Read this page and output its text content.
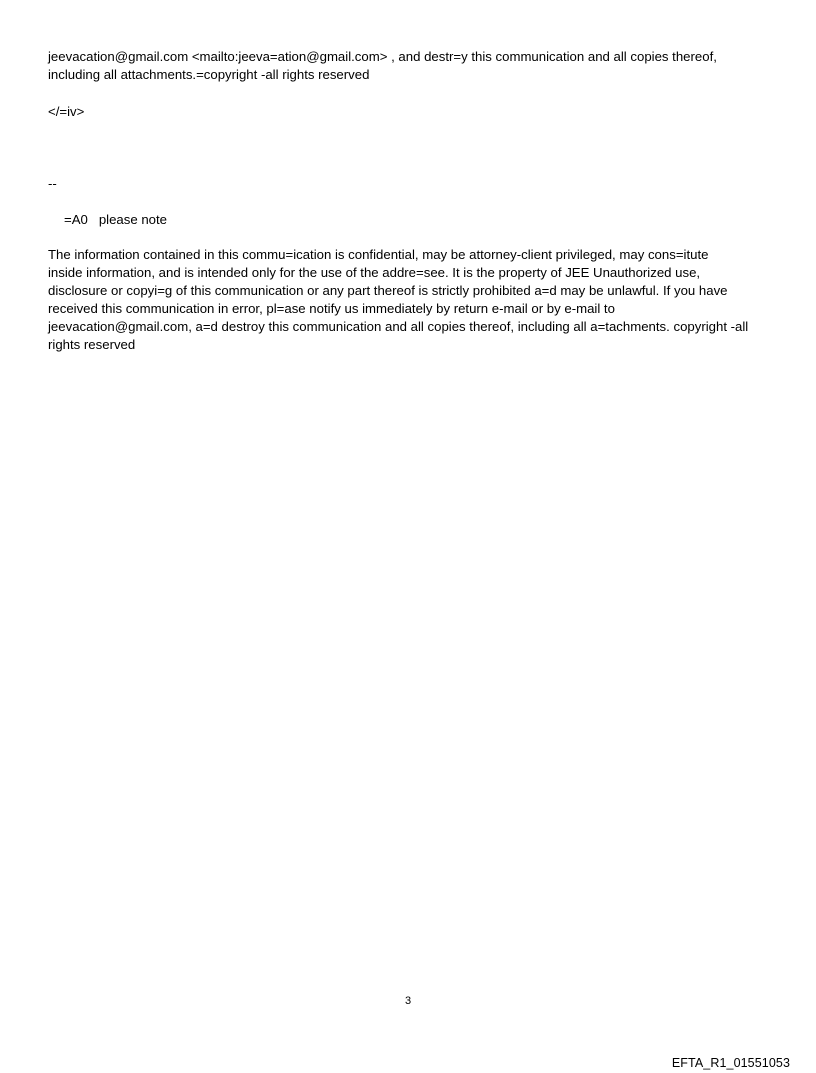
jeevacation@gmail.com <mailto:jeeva=ation@gmail.com> , and destr=y this communication and all copies thereof,
including all attachments.=copyright -all rights reserved

</=iv>

--

=A0   please note

The information contained in this commu=ication is confidential, may be attorney-client privileged, may cons=itute
inside information, and is intended only for the use of the addre=see. It is the property of JEE Unauthorized use,
disclosure or copyi=g of this communication or any part thereof is strictly prohibited a=d may be unlawful. If you have
received this communication in error, pl=ase notify us immediately by return e-mail or by e-mail to
jeevacation@gmail.com, a=d destroy this communication and all copies thereof, including all a=tachments. copyright -all
rights reserved

3
EFTA_R1_01551053
